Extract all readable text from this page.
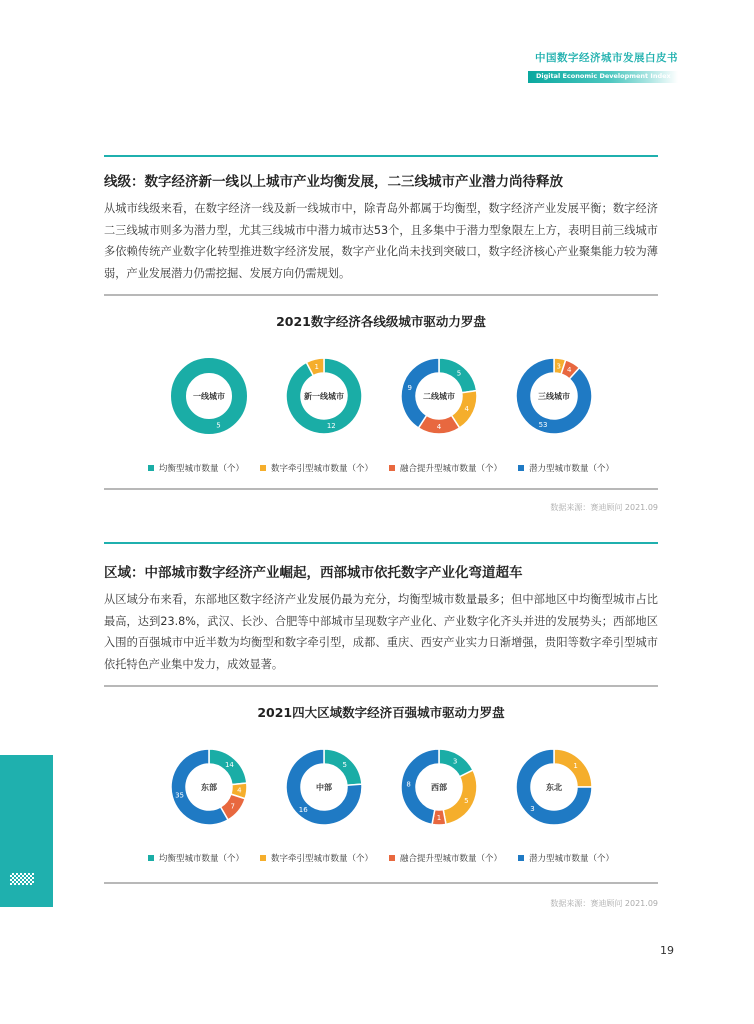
中国数字经济城市发展白皮书
Digital Economic Development Index
线级：数字经济新一线以上城市产业均衡发展，二三线城市产业潜力尚待释放
从城市线级来看，在数字经济一线及新一线城市中，除青岛外都属于均衡型，数字经济产业发展平衡；数字经济二三线城市则多为潜力型，尤其三线城市中潜力城市达53个，且多集中于潜力型象限左上方，表明目前三线城市多依赖传统产业数字化转型推进数字经济发展，数字产业化尚未找到突破口，数字经济核心产业聚集能力较为薄弱，产业发展潜力仍需挖掘、发展方向仍需规划。
2021数字经济各线级城市驱动力罗盘
5
一线城市
12
1
新一线城市
5
4
4
9
二线城市
3 4
53
三线城市
均衡型城市数量（个）	数字牵引型城市数量（个）	融合提升型城市数量（个）	潜力型城市数量（个）
数据来源：赛迪顾问 2021.09
区域：中部城市数字经济产业崛起，西部城市依托数字产业化弯道超车
从区域分布来看，东部地区数字经济产业发展仍最为充分，均衡型城市数量最多；但中部地区中均衡型城市占比最高，达到23.8%，武汉、长沙、合肥等中部城市呈现数字产业化、产业数字化齐头并进的发展势头；西部地区入围的百强城市中近半数为均衡型和数字牵引型，成都、重庆、西安产业实力日渐增强，贵阳等数字牵引型城市依托特色产业集中发力，成效显著。
2021四大区域数字经济百强城市驱动力罗盘
14
4
7
35
东部
5
16
中部
3
5
1
8	西部
1
3
东北
均衡型城市数量（个）	数字牵引型城市数量（个）	融合提升型城市数量（个）	潜力型城市数量（个）
数据来源：赛迪顾问 2021.09
19
